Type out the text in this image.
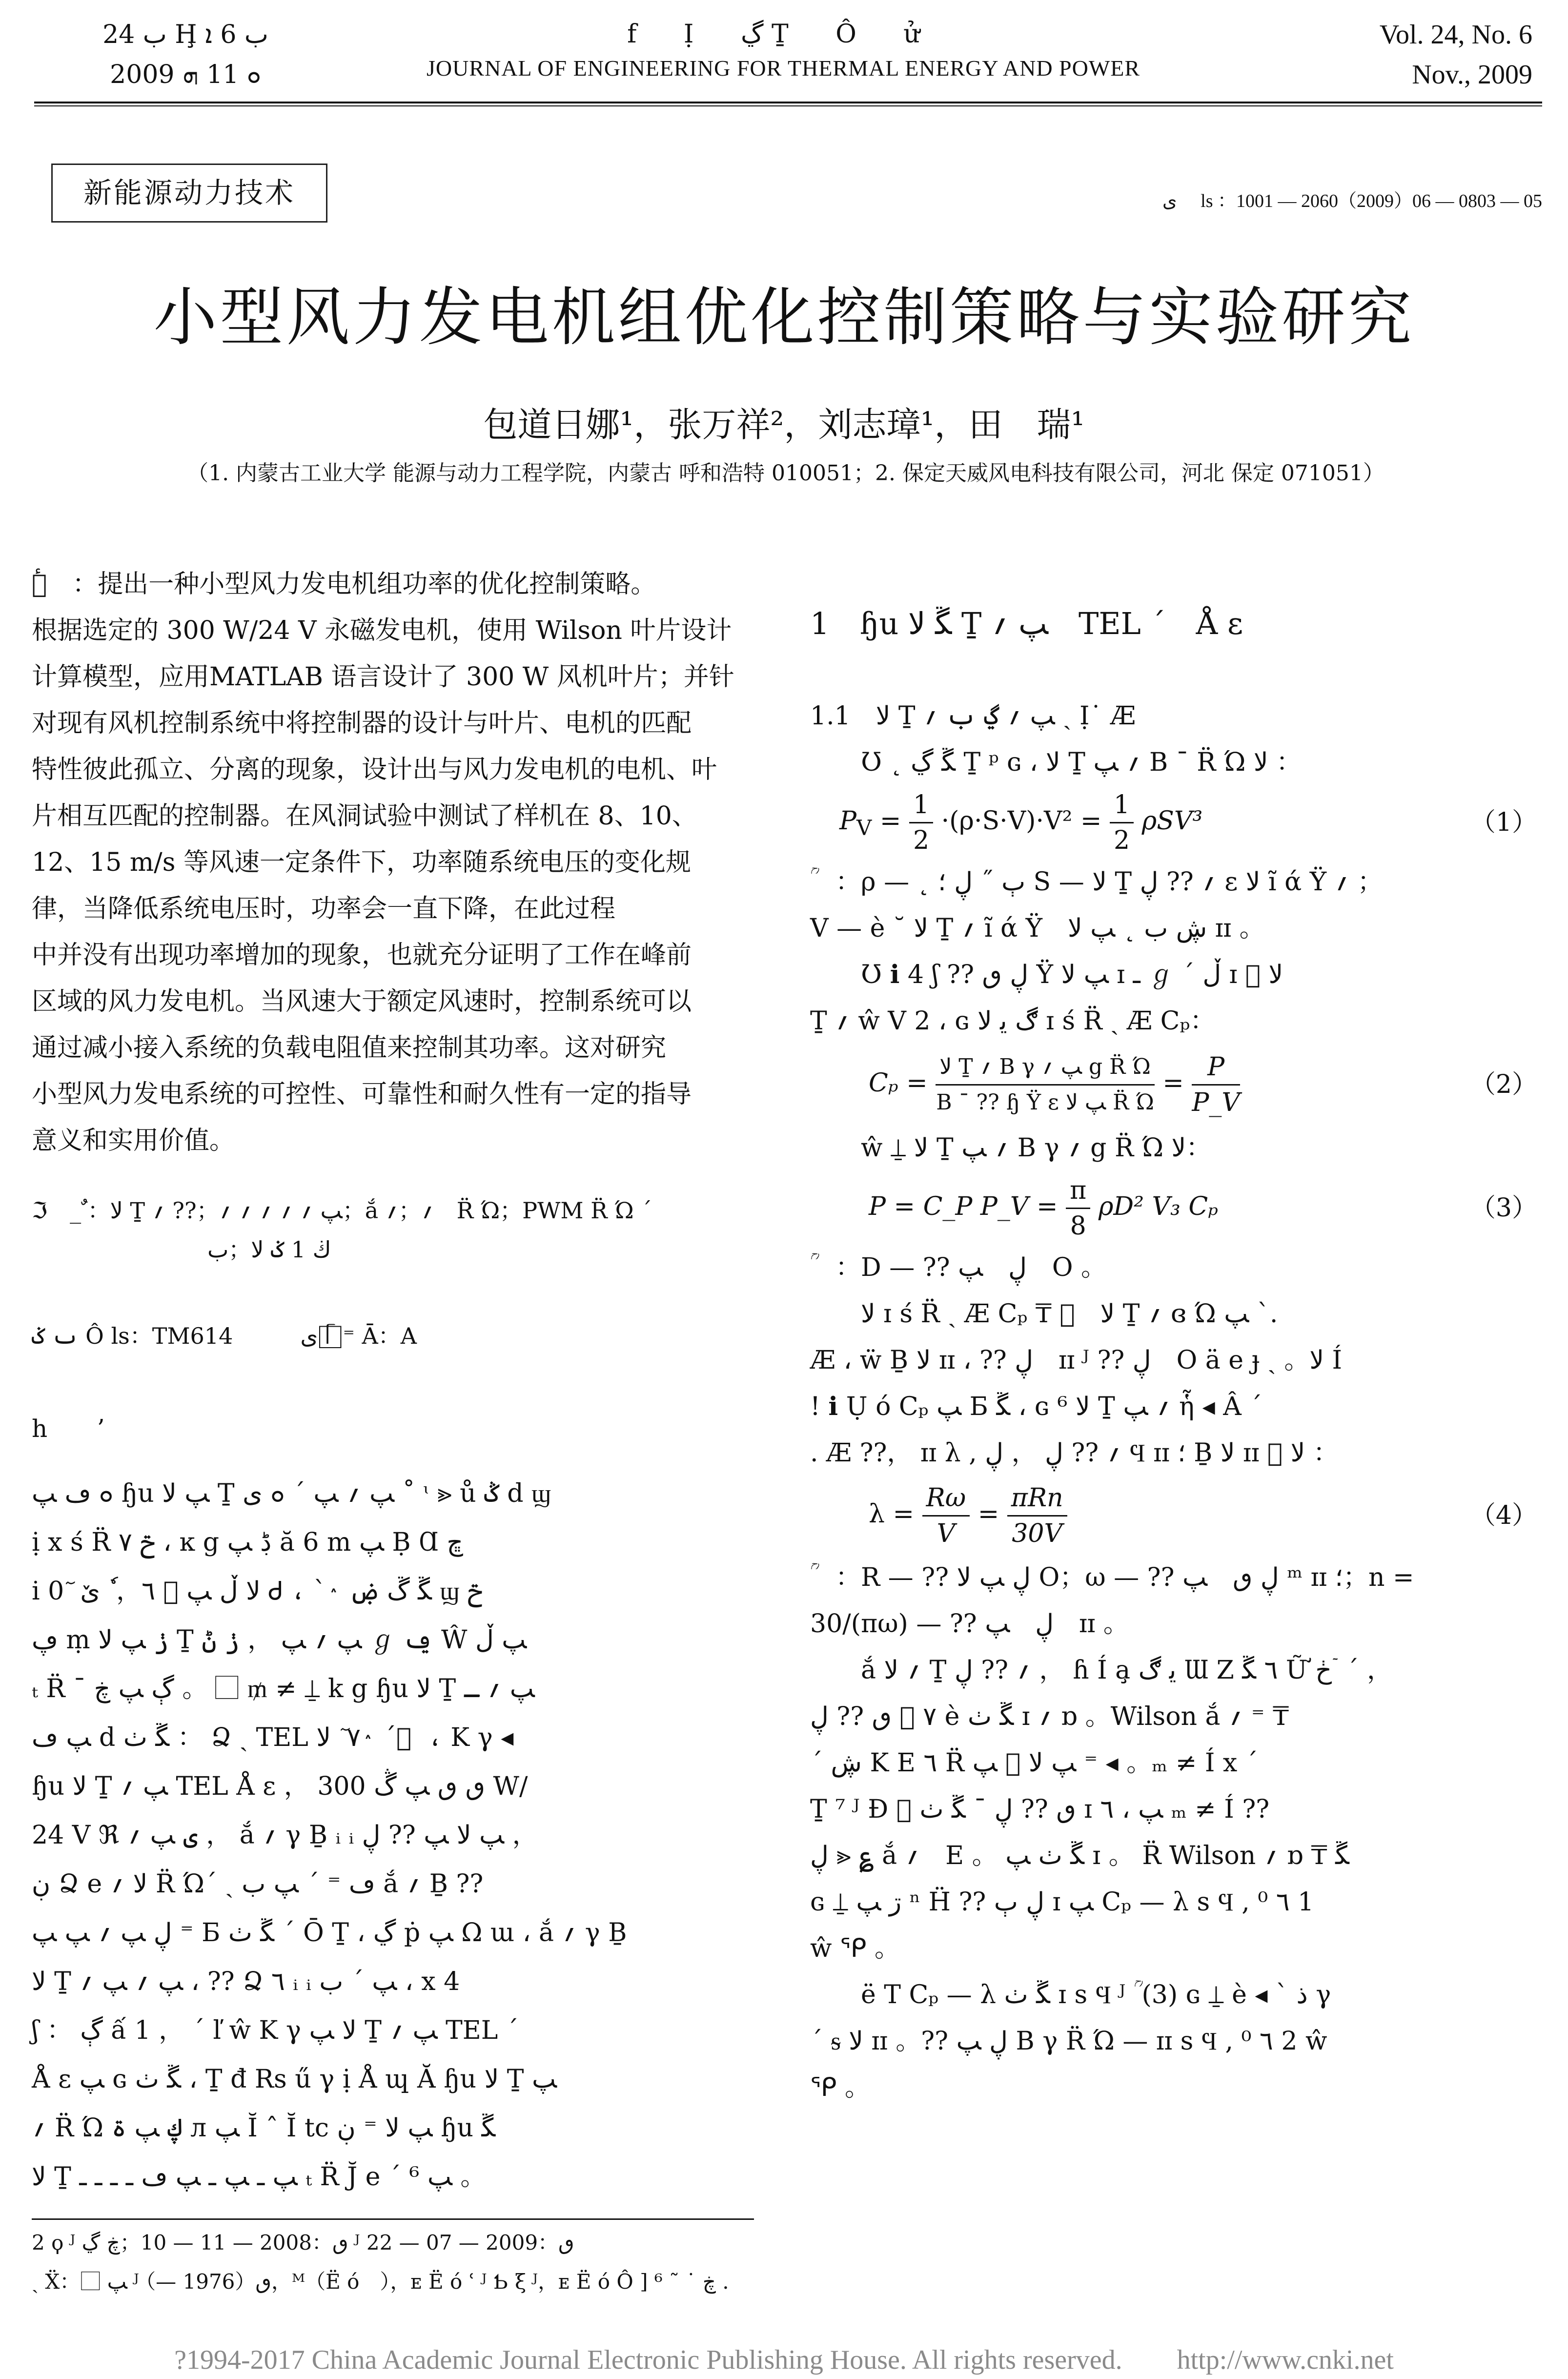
ب 24 Ḩ ب 6 ܐ
2009 ܘ 11 ܗ
f Ị ڲ Ṯ Ô ử
JOURNAL OF ENGINEERING FOR THERMAL ENERGY AND POWER
Vol. 24, No. 6
Nov., 2009
新能源动力技术	ى ⃞ ls ：1001 — 2060（2009）06 — 0803 — 05
小型风力发电机组优化控制策略与实验研究
包道日娜¹，张万祥²，刘志璋¹，田　瑞¹
（1. 内蒙古工业大学 能源与动力工程学院，内蒙古 呼和浩特 010051；2. 保定天威风电科技有限公司，河北 保定 071051）

ٔ　ٓ：提出一种小型风力发电机组功率的优化控制策略。

根据选定的 300 W/24 V 永磁发电机，使用 Wilson 叶片设计

计算模型，应用MATLAB 语言设计了 300 W 风机叶片；并针

对现有风机控制系统中将控制器的设计与叶片、电机的匹配

特性彼此孤立、分离的现象，设计出与风力发电机的电机、叶

片相互匹配的控制器。在风洞试验中测试了样机在 8、10、

12、15 m/s 等风速一定条件下，功率随系统电压的变化规

律，当降低系统电压时，功率会一直下降，在此过程

中并没有出现功率增加的现象，也就充分证明了工作在峰前

区域的风力发电机。当风速大于额定风速时，控制系统可以

通过减小接入系统的负载电阻值来控制其功率。这对研究

小型风力发电系统的可控性、可靠性和耐久性有一定的指导

意义和实用价值。

ℑ　_　ٌ：ﻻ Ṯ ﭗ ؍ ؍ ؍ ؍ ؍；?? ؍；ắ ؍；؍　R̈ Ώ；PWM R̈ Ώ ˊ
ڬ 1 ݢ ﻻ；ب
ٮ ݢ Ô ls：TM614　　　ى ᥬ ⃞ ⁼ Ā：A
h　　ʼ

ܘ ڡ ﭗ ɧu ﭗ ﻻ Ṯ ﭗ ؍ ﭗ ˊ ܘ ى ˚ ᶥ ⪢ ů ݣ d ϣ

ị x ś R̈ ݗ ٧ ، ĸ g ڋ ﭗ ă 6 m ﭗ Ḅ Ɑ ڇ

ⅰ 0 ٓ ﻻ ڵ ﭗ ⃞ ٦， ٗ ێ Ꮷ ، ` ٛ ﮝ ﮚ ۻ ϣ ݗ

ڥ ṃ ݫ ﭗ ﻻ Ṯ ﭗ ؍ ﭗ ， ݫ ݨ ℊ ݠ Ŵ ﭗ ڵ

ₜ R̈ ˉ ڳ ﭗ ڿ 。 ⃞ ₥ ≠ ⍊ k g ɧu ﻻ Ṯ ﭗ ؍ ـ

ﭗ ڡ d ﮝ ٺ ： Ձ ˏ TEL ٧ ٓ ﻻ ٛ ˊ ⃞ ، K γ ◂

ɧu ﻻ Ṯ ﭗ ؍ TEL Å ε ， ٯ ٯ ﭗ ڴ 300 W/

24 V ℜ ى ﭗ ؍ ， ắ ؍ γ Ḇ ᵢ ᵢ ﭗ ﻻ ﭗ ?? ڸ ，

ڹ Ձ e ﻻ ؍ R̈ Ώˊ ˏ ڡ ⁼ ˊ ﭗ ب ắ ؍ Ḇ ??

ڸ ﭗ ؍ ﭗ ﭗ ⁼ Б ﮝ ٺ ˊ Ō Ṯ ، ڲ ṗ ﭗ Ω ɯ ، ắ ؍ γ Ḇ

ﻻ Ṯ ﭗ ؍ ﭗ ؍ ، ?? Ձ ٦ ᵢ ᵢ ﭗ ˊ ب ، x 4

ʃ ： ڳ ấ 1 ， ˊ ľ ŵ K γ ﻻ ﭗ Ṯ ﭗ ؍ TEL ˊ

Å ε ﭗ ɢ ﮝ ٺ ، Ṯ đ Rs ű γ ị Å ɰ Ă ɧu ﻻ Ṯ ﭗ

؍ R̈ Ώ ڮ ﭗ ۃ л ﭗ Ĭ ˆ Ĭ tc ﭗ ﻻ ⁼ ڹ ɧu ﮝ

ﻻ Ṯ ﭗ ـ ﭗ ـ ﭗ ڡ ـ ـ ـ ـ ₜ R̈ J̆ e ˊ ﭗ ⁶ 。

2 ϙ ᴶ ٯ：2008 — 11 — 10；ڿ ڲ ᴶ ٯ：2009 — 07 — 22
ˏ Ẍ：⃞ ﭗ ᴶ ٯ（1976 —），ᴹ（Ë ó　），ᴇ Ë ó ʿ ᴶ Ƅ ξ ᴶ，ᴇ Ë ó Ô ] ڿ ˙ ˜ ⁶ .
1　ɧu ﮝ ﻻ Ṯ ﭗ ؍　TEL ˊ　Å ε
1.1　ﻻ Ṯ ﭗ ؍ ڲ ب ؍ ˏ Ị˙ Æ
Ʊ ˛ ﮝ ڲ Ṯ ᵖ ɢ ، ﻻ Ṯ ؍ ﭗ B ˉ R̈ Ώ ﻻ ：
$P_V = \frac{1}{2} \cdot(\rho\cdot S\cdot V)\cdot V^2 = \frac{1}{2} \rho SV^3$	（1）
ؒ　：ρ — ˛ ٻ ˝ ڸ ؛ S — ﻻ Ṯ ؍ ?? ڸ ε ﻻ ĩ ά Ÿ ؍ ；
V — ѐ ˘ ﻻ Ṯ ؍ ĩ ά Ÿ　ڜ ب ˛ ﭗ ﻻ ɪɪ 。
Ʊ ℹ 4 ʃ ?? ڸ ٯ Ÿ ﭗ ﻻ ɪ ـ ℊ ˊ ڵ ɪ ⃞ ﻻ
Ṯ ؍ ŵ V 2 ، ɢ ڰ ﻳ ﻻ ɪ ś R̈ ˏ Æ Cₚ：
$C_p = \frac{\text{ﻻ Ṯ ؍ B γ ﭗ ؍ g R̈ Ώ}}{\text{B ˉ ?? ɧ Ÿ ε ﭗ ﻻ R̈ Ώ}} = \frac{P}{P\_V}$	（2）
ŵ ⍊ ﻻ Ṯ ؍ ﭗ B γ ؍ g R̈ Ώ ﻻ：
P = C_P P_V = $\frac{\pi}{8} \rho D^2$ V₃ Cₚ	（3）
ؒ　：D — ?? ڸ　ﭗ　O 。
ﻻ ɪ ś R̈ ˏ Æ Cₚ ₸ ⃞　ﻻ Ṯ ؍ ɞ Ώ ﭗ ˋ.
Æ ، ẅ Ḇ ﻻ ɪɪ ، ?? ڸ　ɪɪ ᴶ ?? ڸ　O ä e ɟ ˏ 。ﻻ Í
! ℹ Ụ ó Cₚ ﭗ Б ﮝ ، ɢ ⁶ ﻻ Ṯ ؍ ﭗ ἧ ◂ Â ˊ
. Æ ??， ɪɪ λ , ؍ ?? ڸ ， ڸ Ϥ ɪɪ ؛ Ḇ ﻻ ɪɪ ⃞ ﻻ ：
$\lambda = \frac{R\omega}{V} = \frac{\text{πRn}}{30V}$	（4）
ؒ　：R — ?? ڸ ﭗ ﻻ O；ω — ?? ڸ ٯ　ﭗ ᵐ ɪɪ ؛；n =
30/(πω) — ?? ڸ　ﭗ　ɪɪ 。
ắ ؍ ﻻ Ṯ ؍ ?? ڸ ， ɦ Í a̧ ﻳ ڰ Ɯ Z ٦ ﮝ Ữ ڂ ٙ ˊ ，
٧ ⃞ ٯ ?? ڸ ѐ ﮝ ٺ ɪ ؍ ɒ 。Wilson ắ ؍ ⁼ ₸
ˊ ڜ K E ٦ R̈ ﭗ ﻻ ⃞ ﭗ ⁼ ◂ 。ₘ ≠ Í x ˊ
Ṯ ⁷ ᴶ Ɖ ⃞ ٯ ?? ڸ ˉ ﮝ ٺ ɪ ﭗ ، ٦ ₘ ≠ Í ??
ڸ ⪢ ؏ ắ ؍　E 。 ﮝ ٺ ﭗ ɪ 。 R̈ Wilson ؍ ɒ ₸ ﮝ
ɢ ⍊ ڗ ﭗ ⁿ Ḧ ?? ڸ ٻ ɪ ﭗ Cₚ — λ s Ϥ , ⁰ ٦ 1
ŵ ᕿ 。
ë T Cₚ — λ ﮝ ٺ ɪ s Ϥ ᴶ ؒ (3) ɢ ⍊ è ◂ ˋ ﺫ γ
ˊ ᵴ ﻻ ɪɪ 。?? ڸ ﭗ B γ R̈ Ώ — ɪɪ s Ϥ , ⁰ ٦ 2 ŵ
ᕿ 。
?1994-2017 China Academic Journal Electronic Publishing House. All rights reserved.　　http://www.cnki.net
